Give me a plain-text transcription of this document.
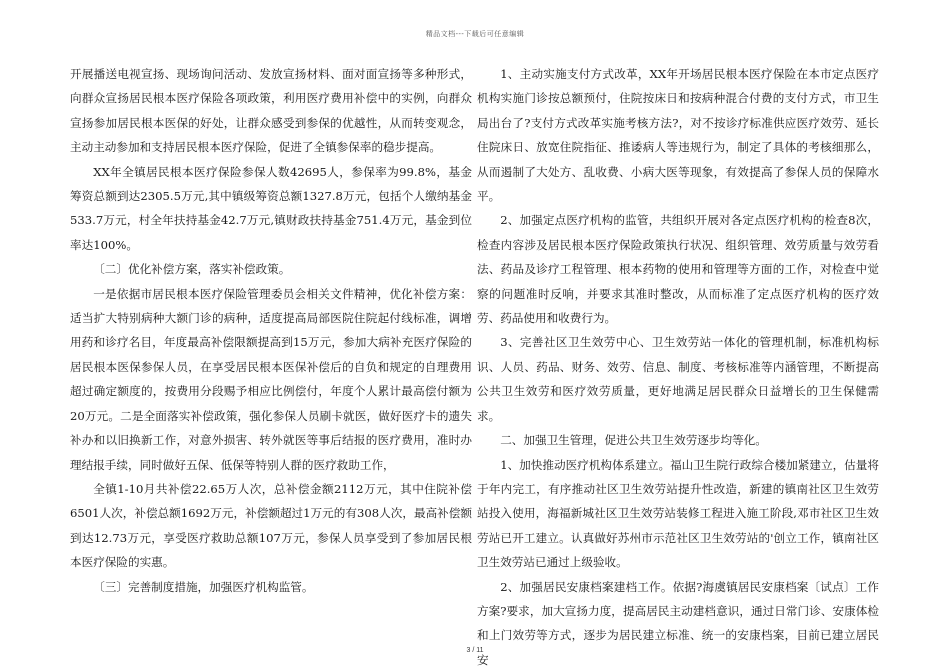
精品文档---下载后可任意编辑

开展播送电视宣扬、现场询问活动、发放宣扬材料、面对面宣扬等多种形式，向群众宣扬居民根本医疗保险各项政策，利用医疗费用补偿中的实例，向群众宣扬参加居民根本医保的好处，让群众感受到参保的优越性，从而转变观念，主动主动参加和支持居民根本医疗保险，促进了全镇参保率的稳步提高。

XX年全镇居民根本医疗保险参保人数42695人，参保率为99.8%，基金筹资总额到达2305.5万元,其中镇级筹资总额1327.8万元，包括个人缴纳基金533.7万元，村全年扶持基金42.7万元,镇财政扶持基金751.4万元，基金到位率达100%。

〔二〕优化补偿方案，落实补偿政策。

一是依据市居民根本医疗保险管理委员会相关文件精神，优化补偿方案：适当扩大特别病种大额门诊的病种，适度提高局部医院住院起付线标准，调增用药和诊疗名目，年度最高补偿限额提高到15万元，参加大病补充医疗保险的居民根本医保参保人员，在享受居民根本医保补偿后的自负和规定的自理费用超过确定额度的，按费用分段赐予相应比例偿付，年度个人累计最高偿付额为20万元。二是全面落实补偿政策，强化参保人员刷卡就医，做好医疗卡的遗失补办和以旧换新工作，对意外损害、转外就医等事后结报的医疗费用，准时办理结报手续，同时做好五保、低保等特别人群的医疗救助工作，

全镇1-10月共补偿22.65万人次，总补偿金额2112万元，其中住院补偿6501人次，补偿总额1692万元，补偿额超过1万元的有308人次，最高补偿额到达12.73万元，享受医疗救助总额107万元，参保人员享受到了参加居民根本医疗保险的实惠。

〔三〕完善制度措施，加强医疗机构监管。

1、主动实施支付方式改革，XX年开场居民根本医疗保险在本市定点医疗机构实施门诊按总额预付，住院按床日和按病种混合付费的支付方式，市卫生局出台了?支付方式改革实施考核方法?，对不按诊疗标准供应医疗效劳、延长住院床日、放宽住院指征、推诿病人等违规行为，制定了具体的考核细那么，从而遏制了大处方、乱收费、小病大医等现象，有效提高了参保人员的保障水平。

2、加强定点医疗机构的监管，共组织开展对各定点医疗机构的检查8次，检查内容涉及居民根本医疗保险政策执行状况、组织管理、效劳质量与效劳看法、药品及诊疗工程管理、根本药物的使用和管理等方面的工作，对检查中觉察的问题准时反响，并要求其准时整改，从而标准了定点医疗机构的医疗效劳、药品使用和收费行为。

3、完善社区卫生效劳中心、卫生效劳站一体化的管理机制，标准机构标识、人员、药品、财务、效劳、信息、制度、考核标准等内涵管理，不断提高公共卫生效劳和医疗效劳质量，更好地满足居民群众日益增长的卫生保健需求。

二、加强卫生管理，促进公共卫生效劳逐步均等化。

1、加快推动医疗机构体系建立。福山卫生院行政综合楼加紧建立，估量将于年内完工，有序推动社区卫生效劳站提升性改造，新建的镇南社区卫生效劳站投入使用，海福新城社区卫生效劳站装修工程进入施工阶段,邓市社区卫生效劳站已开工建立。认真做好苏州市示范社区卫生效劳站的'创立工作，镇南社区卫生效劳站已通过上级验收。

2、加强居民安康档案建档工作。依据?海虞镇居民安康档案〔试点〕工作方案?要求，加大宣扬力度，提高居民主动建档意识，通过日常门诊、安康体检和上门效劳等方式，逐步为居民建立标准、统一的安康档案，目前已建立居民安

3 / 11
